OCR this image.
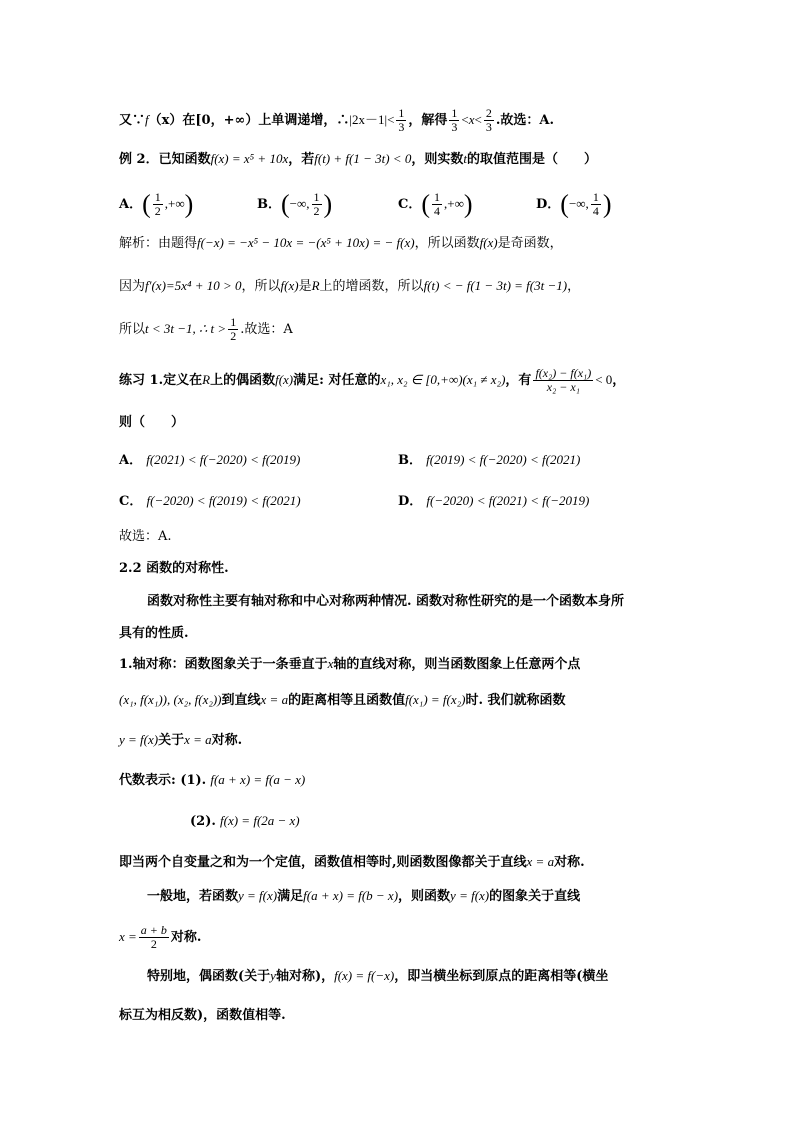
又∵f（x）在[0，+∞）上单调递增，∴|2x－1|< $\frac{1}{3}$ ，解得 $\frac{1}{3} <x< \frac{2}{3}$ .故选：A.
例 2．已知函数f(x) = x⁵ + 10x，若f(t) + f(1 − 3t) < 0，则实数t的取值范围是（　　）
A．( $\frac{1}{2}$ ,+∞)	B．(−∞, $\frac{1}{2}$ )	C．( $\frac{1}{4}$ ,+∞)	D．(−∞, $\frac{1}{4}$ )
解析：由题得f(−x) = −x⁵ − 10x = −(x⁵ + 10x) = − f(x)，所以函数f(x)是奇函数，
因为f′(x)=5x⁴ + 10 > 0，所以f(x)是R上的增函数，所以f(t) < − f(1 − 3t) = f(3t −1)，
所以t < 3t −1, ∴ $t > \frac{1}{2}$ .故选：A
练习 1.定义在R上的偶函数f(x)满足: 对任意的x₁, x₂ ∈ [0,+∞)(x₁ ≠ x₂)，有 $\frac{\text{f(x₂) − f(x₁)}}{\text{x₂ − x₁}} < 0$，
则（　　）
A． f(2021) < f(−2020) < f(2019)	B． f(2019) < f(−2020) < f(2021)
C． f(−2020) < f(2019) < f(2021)	D． f(−2020) < f(2021) < f(−2019)
故选：A.
2.2 函数的对称性.
函数对称性主要有轴对称和中心对称两种情况. 函数对称性研究的是一个函数本身所
具有的性质.
1.轴对称：函数图象关于一条垂直于x轴的直线对称，则当函数图象上任意两个点
(x₁, f(x₁)), (x₂, f(x₂))到直线x = a的距离相等且函数值f(x₁) = f(x₂)时. 我们就称函数
y = f(x)关于x = a对称.
代数表示: (1). f(a + x) = f(a − x)
(2). f(x) = f(2a − x)
即当两个自变量之和为一个定值，函数值相等时,则函数图像都关于直线x = a对称.
一般地，若函数y = f(x)满足f(a + x) = f(b − x)，则函数y = f(x)的图象关于直线
$x = \frac{a + b}{2}$ 对称.
特别地，偶函数(关于y轴对称)，f(x) = f(−x)，即当横坐标到原点的距离相等(横坐
标互为相反数)，函数值相等.
